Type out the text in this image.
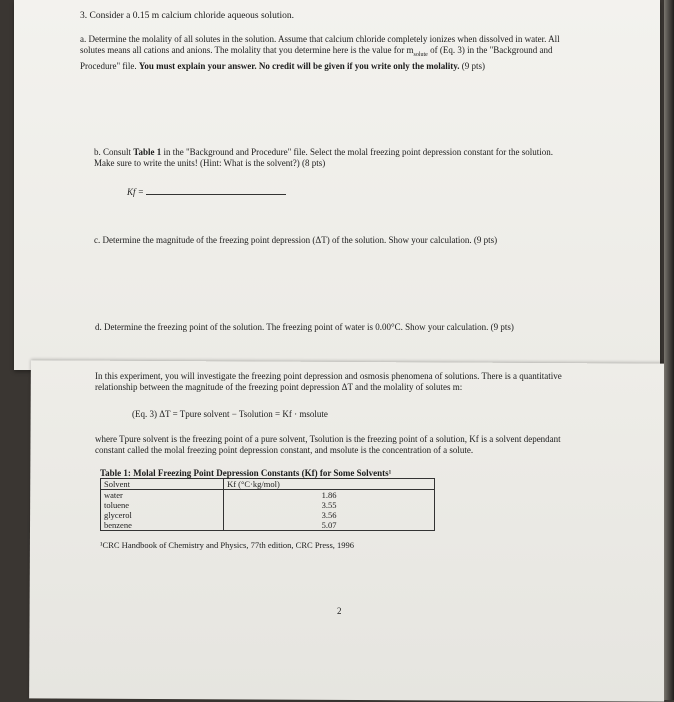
3. Consider a 0.15 m calcium chloride aqueous solution.
a. Determine the molality of all solutes in the solution. Assume that calcium chloride completely ionizes when dissolved in water. All solutes means all cations and anions. The molality that you determine here is the value for $m_{solute}$ of (Eq. 3) in the "Background and Procedure" file. You must explain your answer. No credit will be given if you write only the molality. (9 pts)
b. Consult Table 1 in the "Background and Procedure" file. Select the molal freezing point depression constant for the solution. Make sure to write the units! (Hint: What is the solvent?) (8 pts)
Kf =
c. Determine the magnitude of the freezing point depression (ΔT) of the solution. Show your calculation. (9 pts)
d. Determine the freezing point of the solution. The freezing point of water is 0.00°C. Show your calculation. (9 pts)
In this experiment, you will investigate the freezing point depression and osmosis phenomena of solutions. There is a quantitative relationship between the magnitude of the freezing point depression ΔT and the molality of solutes m:
(Eq. 3) ΔT = Tpure solvent − Tsolution = Kf · msolute
where Tpure solvent is the freezing point of a pure solvent, Tsolution is the freezing point of a solution, Kf is a solvent dependant constant called the molal freezing point depression constant, and msolute is the concentration of a solute.
Table 1: Molal Freezing Point Depression Constants (Kf) for Some Solvents¹
Solvent	Kf (°C·kg/mol)
water	1.86
toluene	3.55
glycerol	3.56
benzene	5.07
¹CRC Handbook of Chemistry and Physics, 77th edition, CRC Press, 1996
2
